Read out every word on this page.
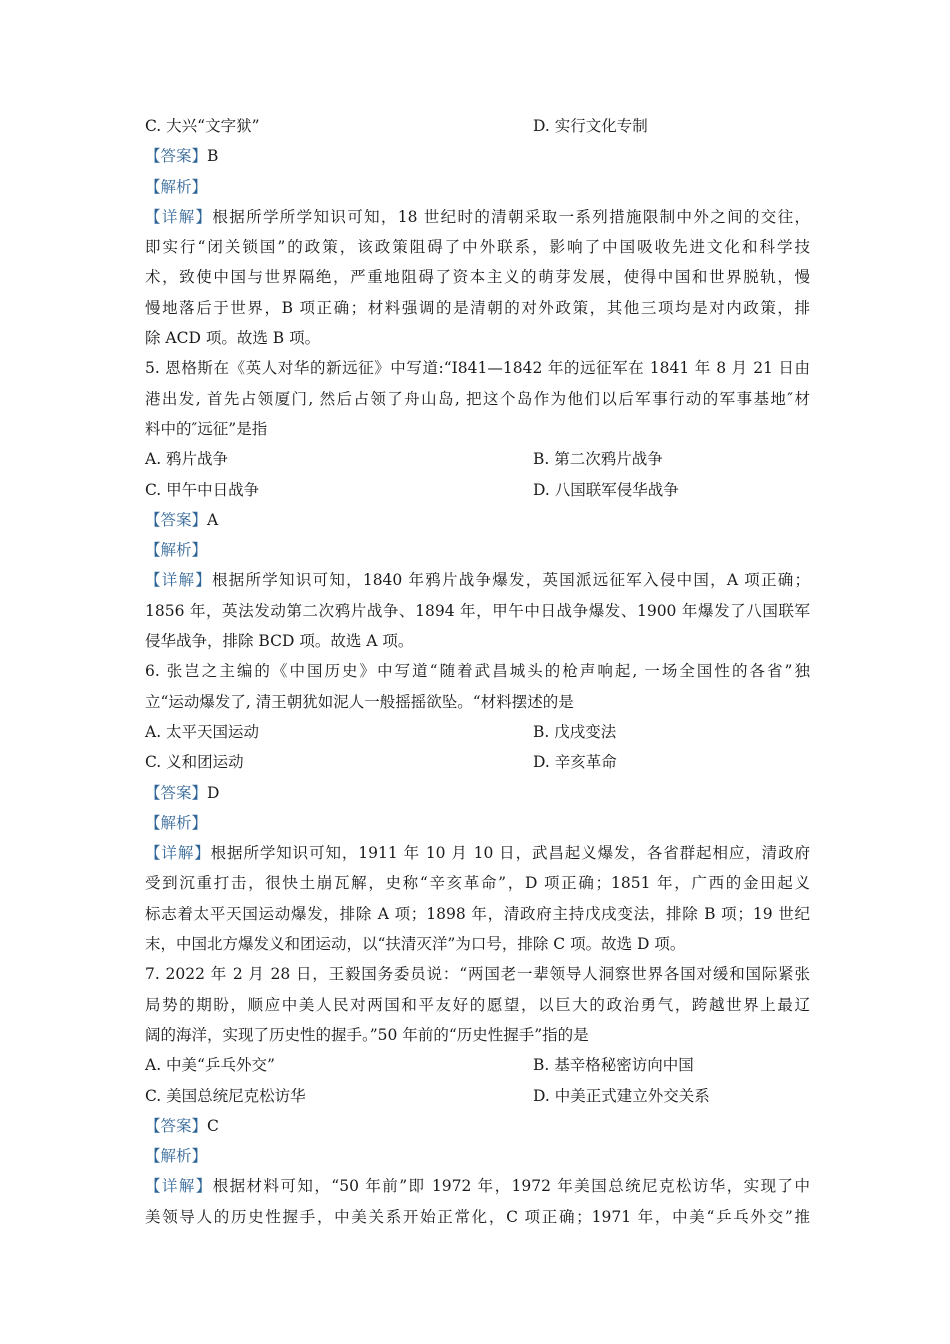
C. 大兴“文字狱”	D. 实行文化专制
【答案】B
【解析】
【详解】根据所学所学知识可知，18 世纪时的清朝采取一系列措施限制中外之间的交往，
即实行“闭关锁国”的政策，该政策阻碍了中外联系，影响了中国吸收先进文化和科学技
术，致使中国与世界隔绝，严重地阻碍了资本主义的萌芽发展，使得中国和世界脱轨，慢
慢地落后于世界，B 项正确；材料强调的是清朝的对外政策，其他三项均是对内政策，排
除 ACD 项。故选 B 项。
5. 恩格斯在《英人对华的新远征》中写道:“I841—1842 年的远征军在 1841 年 8 月 21 日由
港出发, 首先占领厦门, 然后占领了舟山岛, 把这个岛作为他们以后军事行动的军事基地″材
料中的″远征”是指
A. 鸦片战争	B. 第二次鸦片战争
C. 甲午中日战争	D. 八国联军侵华战争
【答案】A
【解析】
【详解】根据所学知识可知，1840 年鸦片战争爆发，英国派远征军入侵中国，A 项正确；
1856 年，英法发动第二次鸦片战争、1894 年，甲午中日战争爆发、1900 年爆发了八国联军
侵华战争，排除 BCD 项。故选 A 项。
6. 张岂之主编的《中国历史》中写道“随着武昌城头的枪声响起, 一场全国性的各省”独
立“运动爆发了, 清王朝犹如泥人一般摇摇欲坠。“材料摆述的是
A. 太平天国运动	B. 戊戌变法
C. 义和团运动	D. 辛亥革命
【答案】D
【解析】
【详解】根据所学知识可知，1911 年 10 月 10 日，武昌起义爆发，各省群起相应，清政府
受到沉重打击，很快土崩瓦解，史称“辛亥革命”，D 项正确；1851 年，广西的金田起义
标志着太平天国运动爆发，排除 A 项；1898 年，清政府主持戊戌变法，排除 B 项；19 世纪
末，中国北方爆发义和团运动，以“扶清灭洋”为口号，排除 C 项。故选 D 项。
7. 2022 年 2 月 28 日，王毅国务委员说：“两国老一辈领导人洞察世界各国对缓和国际紧张
局势的期盼，顺应中美人民对两国和平友好的愿望，以巨大的政治勇气，跨越世界上最辽
阔的海洋，实现了历史性的握手。”50 年前的“历史性握手”指的是
A. 中美“乒乓外交”	B. 基辛格秘密访向中国
C. 美国总统尼克松访华	D. 中美正式建立外交关系
【答案】C
【解析】
【详解】根据材料可知，“50 年前”即 1972 年，1972 年美国总统尼克松访华，实现了中
美领导人的历史性握手，中美关系开始正常化，C 项正确；1971 年，中美“乒乓外交”推
